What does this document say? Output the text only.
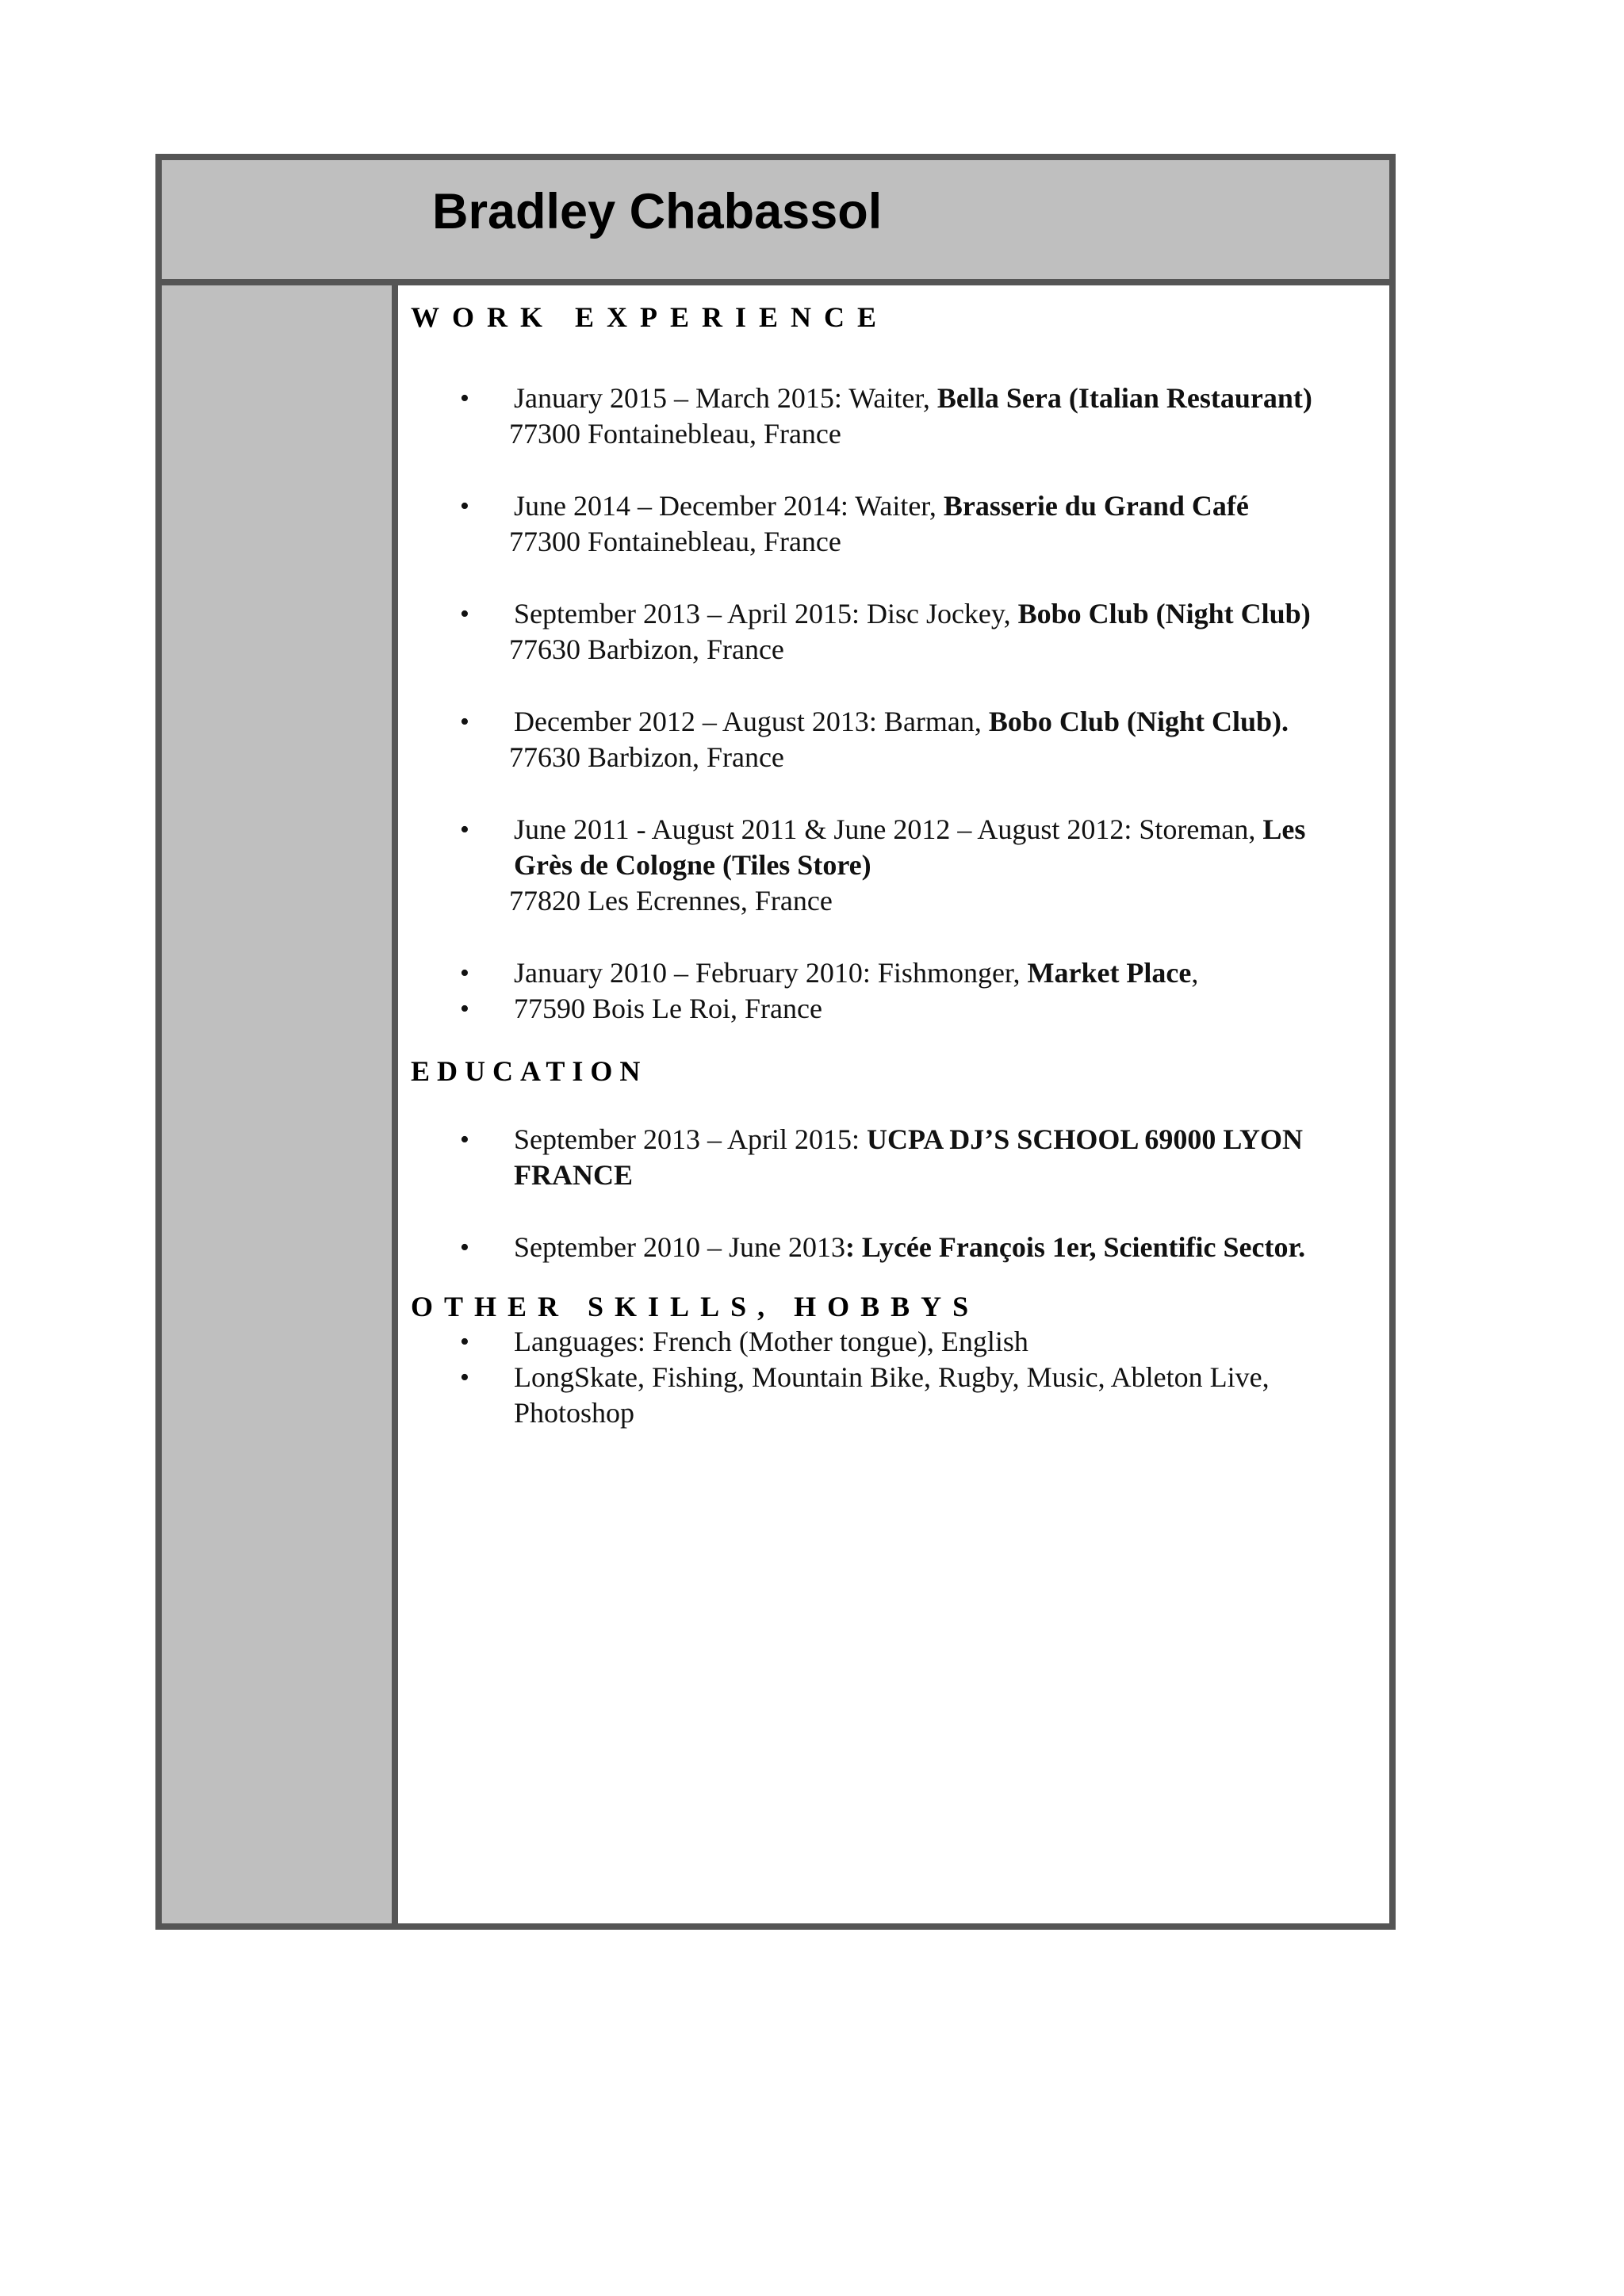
Bradley Chabassol
WORK EXPERIENCE
• January 2015 – March 2015: Waiter, Bella Sera (Italian Restaurant)
77300 Fontainebleau, France
• June 2014 – December 2014: Waiter, Brasserie du Grand Café
77300 Fontainebleau, France
• September 2013 – April 2015: Disc Jockey, Bobo Club (Night Club)
77630 Barbizon, France
• December 2012 – August 2013: Barman, Bobo Club (Night Club).
77630 Barbizon, France
• June 2011 - August 2011 & June 2012 – August 2012: Storeman, Les Grès de Cologne (Tiles Store)
77820 Les Ecrennes, France
• January 2010 – February 2010: Fishmonger, Market Place,
• 77590 Bois Le Roi, France
EDUCATION
• September 2013 – April 2015: UCPA DJ’S SCHOOL 69000 LYON FRANCE
• September 2010 – June 2013: Lycée François 1er, Scientific Sector.
OTHER SKILLS, HOBBYS
• Languages: French (Mother tongue), English
• LongSkate, Fishing, Mountain Bike, Rugby, Music, Ableton Live, Photoshop
